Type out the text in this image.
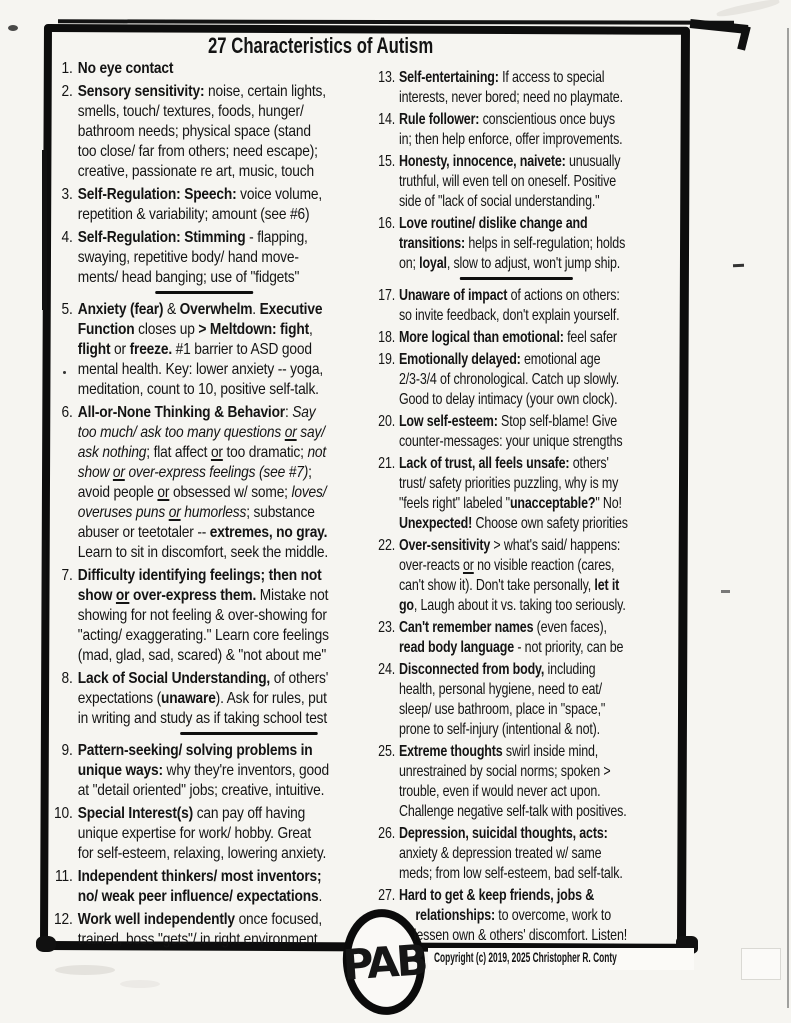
27 Characteristics of Autism
1. No eye contact
2. Sensory sensitivity: noise, certain lights,
smells, touch/ textures, foods, hunger/
bathroom needs; physical space (stand
too close/ far from others; need escape);
creative, passionate re art, music, touch
3. Self-Regulation: Speech: voice volume,
repetition & variability; amount (see #6)
4. Self-Regulation: Stimming - flapping,
swaying, repetitive body/ hand move-
ments/ head banging; use of "fidgets"
5. Anxiety (fear) & Overwhelm. Executive
Function closes up > Meltdown: fight,
flight or freeze. #1 barrier to ASD good
mental health. Key: lower anxiety -- yoga,
meditation, count to 10, positive self-talk.
6. All-or-None Thinking & Behavior: Say
too much/ ask too many questions or say/
ask nothing; flat affect or too dramatic; not
show or over-express feelings (see #7);
avoid people or obsessed w/ some; loves/
overuses puns or humorless; substance
abuser or teetotaler -- extremes, no gray.
Learn to sit in discomfort, seek the middle.
7. Difficulty identifying feelings; then not
show or over-express them. Mistake not
showing for not feeling & over-showing for
"acting/ exaggerating." Learn core feelings
(mad, glad, sad, scared) & "not about me"
8. Lack of Social Understanding, of others'
expectations (unaware). Ask for rules, put
in writing and study as if taking school test
9. Pattern-seeking/ solving problems in
unique ways: why they're inventors, good
at "detail oriented" jobs; creative, intuitive.
10. Special Interest(s) can pay off having
unique expertise for work/ hobby. Great
for self-esteem, relaxing, lowering anxiety.
11. Independent thinkers/ most inventors;
no/ weak peer influence/ expectations.
12. Work well independently once focused,
trained, boss "gets"/ in right environment
13. Self-entertaining: If access to special
interests, never bored; need no playmate.
14. Rule follower: conscientious once buys
in; then help enforce, offer improvements.
15. Honesty, innocence, naivete: unusually
truthful, will even tell on oneself. Positive
side of "lack of social understanding."
16. Love routine/ dislike change and
transitions: helps in self-regulation; holds
on; loyal, slow to adjust, won't jump ship.
17. Unaware of impact of actions on others:
so invite feedback, don't explain yourself.
18. More logical than emotional: feel safer
19. Emotionally delayed: emotional age
2/3-3/4 of chronological. Catch up slowly.
Good to delay intimacy (your own clock).
20. Low self-esteem: Stop self-blame! Give
counter-messages: your unique strengths
21. Lack of trust, all feels unsafe: others'
trust/ safety priorities puzzling, why is my
"feels right" labeled "unacceptable?" No!
Unexpected! Choose own safety priorities
22. Over-sensitivity > what's said/ happens:
over-reacts or no visible reaction (cares,
can't show it). Don't take personally, let it
go, Laugh about it vs. taking too seriously.
23. Can't remember names (even faces),
read body language - not priority, can be
24. Disconnected from body, including
health, personal hygiene, need to eat/
sleep/ use bathroom, place in "space,"
prone to self-injury (intentional & not).
25. Extreme thoughts swirl inside mind,
unrestrained by social norms; spoken >
trouble, even if would never act upon.
Challenge negative self-talk with positives.
26. Depression, suicidal thoughts, acts:
anxiety & depression treated w/ same
meds; from low self-esteem, bad self-talk.
27. Hard to get & keep friends, jobs &
relationships: to overcome, work to
lessen own & others' discomfort. Listen!
Copyright (c) 2019, 2025 Christopher R. Conty
PAB
